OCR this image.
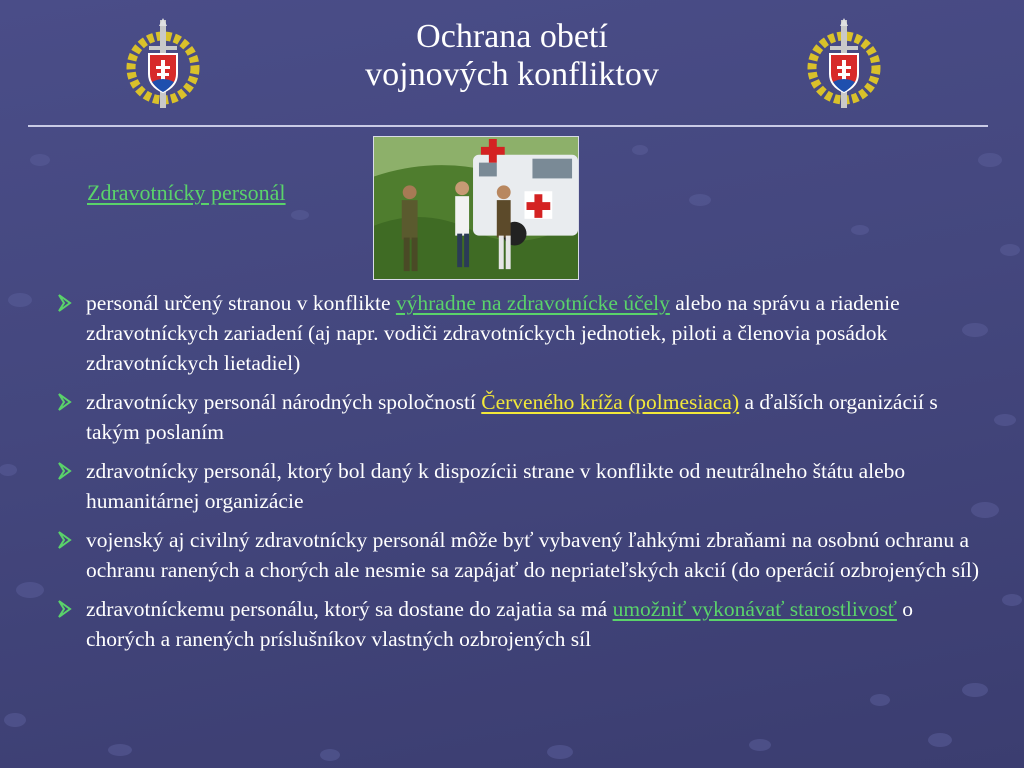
Ochrana obetí
vojnových konfliktov
Zdravotnícky personál
personál určený stranou v konflikte výhradne na zdravotnícke účely alebo na správu a riadenie zdravotníckych zariadení (aj napr. vodiči zdravotníckych jednotiek, piloti a členovia posádok zdravotníckych lietadiel)
zdravotnícky personál národných spoločností Červeného kríža (polmesiaca) a ďalších organizácií s takým poslaním
zdravotnícky personál, ktorý bol daný k dispozícii strane v konflikte od neutrálneho štátu alebo humanitárnej organizácie
vojenský aj civilný zdravotnícky personál môže byť vybavený ľahkými zbraňami na osobnú ochranu a ochranu ranených a chorých ale nesmie sa zapájať do nepriateľských akcií (do operácií ozbrojených síl)
zdravotníckemu personálu, ktorý sa dostane do zajatia sa má umožniť vykonávať starostlivosť o chorých a ranených príslušníkov vlastných ozbrojených síl
